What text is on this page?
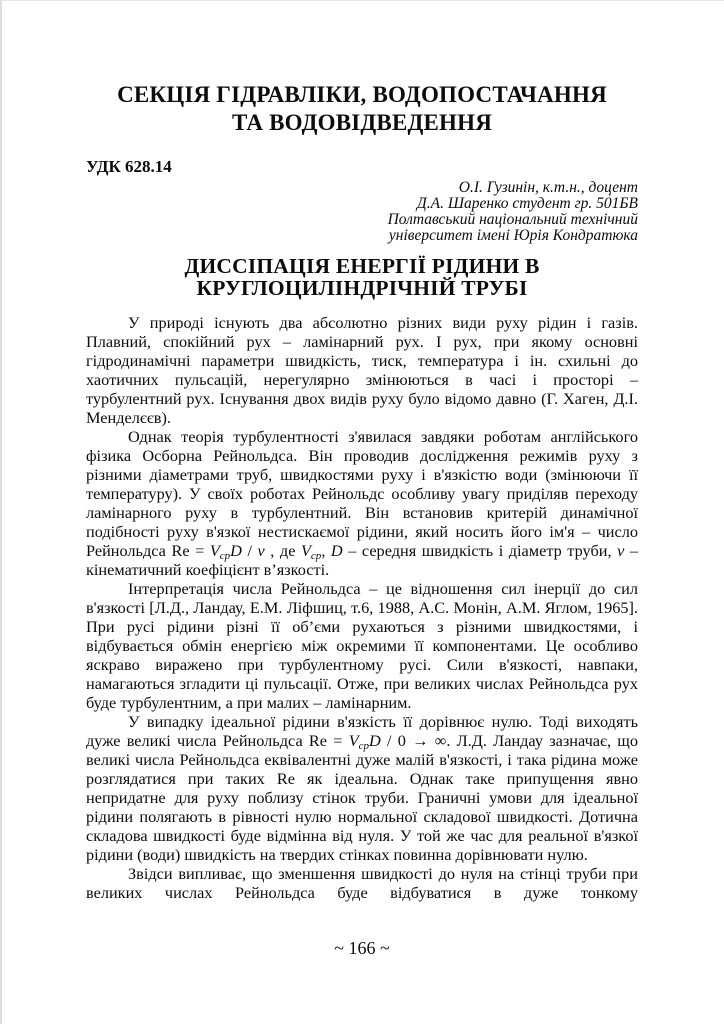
СЕКЦІЯ ГІДРАВЛІКИ, ВОДОПОСТАЧАННЯ
ТА ВОДОВІДВЕДЕННЯ
УДК 628.14
О.І. Гузинін, к.т.н., доцент
Д.А. Шаренко студент гр. 501БВ
Полтавський національний технічний
університет імені Юрія Кондратюка
ДИССІПАЦІЯ ЕНЕРГІЇ РІДИНИ В
КРУГЛОЦИЛІНДРІЧНІЙ ТРУБІ

У природі існують два абсолютно різних види руху рідин і газів. Плавний, спокійний рух – ламінарний рух. І рух, при якому основні гідродинамічні параметри швидкість, тиск, температура і ін. схильні до хаотичних пульсацій, нерегулярно змінюються в часі і просторі – турбулентний рух. Існування двох видів руху було відомо давно (Г. Хаген, Д.І. Менделєєв).

Однак теорія турбулентності з'явилася завдяки роботам англійського фізика Осборна Рейнольдса. Він проводив дослідження режимів руху з різними діаметрами труб, швидкостями руху і в'язкістю води (змінюючи її температуру). У своїх роботах Рейнольдс особливу увагу приділяв переходу ламінарного руху в турбулентний. Він встановив критерій динамічної подібності руху в'язкої нестискаємої рідини, який носить його ім'я – число Рейнольдса $Re = V_{cp}D / \nu$ , де $V_{cp}$, D – середня швидкість і діаметр труби, ν – кінематичний коефіцієнт в’язкості.

Інтерпретація числа Рейнольдса – це відношення сил інерції до сил в'язкості [Л.Д., Ландау, Е.М. Ліфшиц, т.6, 1988, А.С. Монін, А.М. Яглом, 1965]. При русі рідини різні її об’єми рухаються з різними швидкостями, і відбувається обмін енергією між окремими її компонентами. Це особливо яскраво виражено при турбулентному русі. Сили в'язкості, навпаки, намагаються згладити ці пульсації. Отже, при великих числах Рейнольдса рух буде турбулентним, а при малих – ламінарним.

У випадку ідеальної рідини в'язкість її дорівнює нулю. Тоді виходять дуже великі числа Рейнольдса $Re = V_{cp}D / 0$ → ∞. Л.Д. Ландау зазначає, що великі числа Рейнольдса еквівалентні дуже малій в'язкості, і така рідина може розглядатися при таких Re як ідеальна. Однак таке припущення явно непридатне для руху поблизу стінок труби. Граничні умови для ідеальної рідини полягають в рівності нулю нормальної складової швидкості. Дотична складова швидкості буде відмінна від нуля. У той же час для реальної в'язкої рідини (води) швидкість на твердих стінках повинна дорівнювати нулю.

Звідси випливає, що зменшення швидкості до нуля на стінці труби при великих числах Рейнольдса буде відбуватися в дуже тонкому

~ 166 ~
